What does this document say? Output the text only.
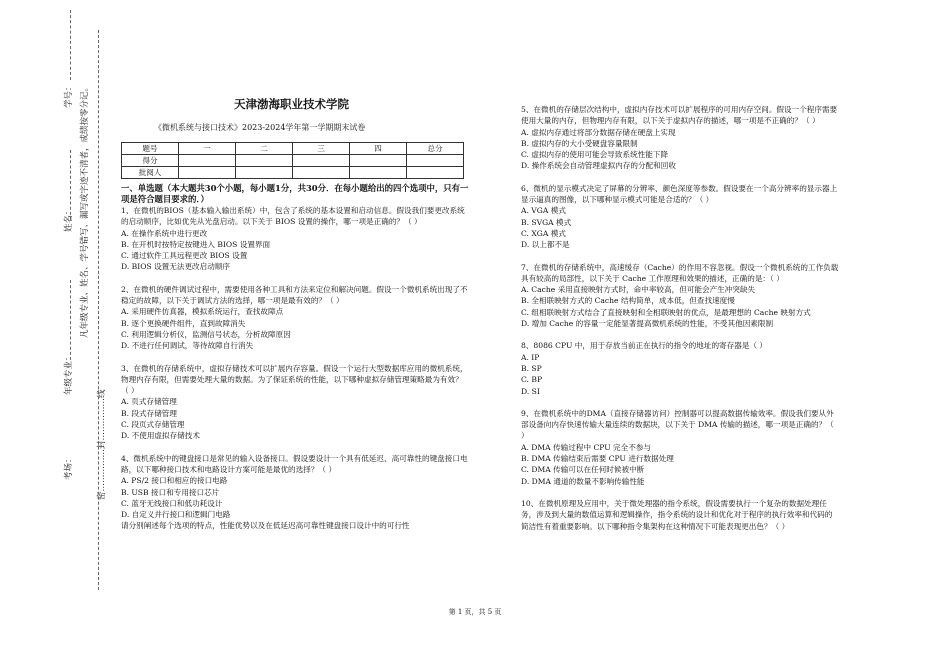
学号：
姓名： 凡年级专业、姓名、学号错写、漏写或字迹不清者，成绩按零分记。
年级专业：
密……………封……………线
考场：
天津渤海职业技术学院
《微机系统与接口技术》2023-2024学年第一学期期末试卷
题号	一	二	三	四	总分
得分					
批阅人					

一、单选题（本大题共30个小题，每小题1分，共30分．在每小题给出的四个选项中，只有一项是符合题目要求的．）

1、在微机的BIOS（基本输入输出系统）中，包含了系统的基本设置和启动信息。假设我们要更改系统的启动顺序，比如优先从光盘启动。以下关于 BIOS 设置的操作，哪一项是正确的？（ ）

A. 在操作系统中进行更改

B. 在开机时按特定按键进入 BIOS 设置界面

C. 通过软件工具远程更改 BIOS 设置

D. BIOS 设置无法更改启动顺序

2、在微机的硬件调试过程中，需要使用各种工具和方法来定位和解决问题。假设一个微机系统出现了不稳定的故障，以下关于调试方法的选择，哪一项是最有效的？（ ）

A. 采用硬件仿真器，模拟系统运行，查找故障点

B. 逐个更换硬件组件，直到故障消失

C. 利用逻辑分析仪，监测信号状态，分析故障原因

D. 不进行任何调试，等待故障自行消失

3、在微机的存储系统中，虚拟存储技术可以扩展内存容量。假设一个运行大型数据库应用的微机系统，物理内存有限，但需要处理大量的数据。为了保证系统的性能，以下哪种虚拟存储管理策略最为有效？（ ）

A. 页式存储管理

B. 段式存储管理

C. 段页式存储管理

D. 不使用虚拟存储技术

4、微机系统中的键盘接口是常见的输入设备接口。假设要设计一个具有低延迟、高可靠性的键盘接口电路，以下哪种接口技术和电路设计方案可能是最优的选择？（ ）

A. PS/2 接口和相应的接口电路

B. USB 接口和专用接口芯片

C. 蓝牙无线接口和低功耗设计

D. 自定义并行接口和逻辑门电路

请分别阐述每个选项的特点，性能优势以及在低延迟高可靠性键盘接口设计中的可行性

5、在微机的存储层次结构中，虚拟内存技术可以扩展程序的可用内存空间。假设一个程序需要使用大量的内存，但物理内存有限，以下关于虚拟内存的描述，哪一项是不正确的？（ ）

A. 虚拟内存通过将部分数据存储在硬盘上实现

B. 虚拟内存的大小受硬盘容量限制

C. 虚拟内存的使用可能会导致系统性能下降

D. 操作系统会自动管理虚拟内存的分配和回收

6、微机的显示模式决定了屏幕的分辨率、颜色深度等参数。假设要在一个高分辨率的显示器上显示逼真的图像，以下哪种显示模式可能是合适的？（ ）

A. VGA 模式

B. SVGA 模式

C. XGA 模式

D. 以上都不是

7、在微机的存储系统中，高速缓存（Cache）的作用不容忽视。假设一个微机系统的工作负载具有较高的局部性，以下关于 Cache 工作原理和效果的描述，正确的是：（ ）

A. Cache 采用直接映射方式时，命中率较高，但可能会产生冲突缺失

B. 全相联映射方式的 Cache 结构简单，成本低，但查找速度慢

C. 组相联映射方式结合了直接映射和全相联映射的优点，是最理想的 Cache 映射方式

D. 增加 Cache 的容量一定能显著提高微机系统的性能，不受其他因素限制

8、8086 CPU 中，用于存放当前正在执行的指令的地址的寄存器是（ ）

A. IP

B. SP

C. BP

D. SI

9、在微机系统中的DMA（直接存储器访问）控制器可以提高数据传输效率。假设我们要从外部设备向内存快速传输大量连续的数据块，以下关于 DMA 传输的描述，哪一项是正确的？（ ）

A. DMA 传输过程中 CPU 完全不参与

B. DMA 传输结束后需要 CPU 进行数据处理

C. DMA 传输可以在任何时候被中断

D. DMA 通道的数量不影响传输性能

10、在微机原理及应用中，关于微处理器的指令系统，假设需要执行一个复杂的数据处理任务，涉及到大量的数值运算和逻辑操作，指令系统的设计和优化对于程序的执行效率和代码的简洁性有着重要影响。以下哪种指令集架构在这种情况下可能表现更出色？（ ）

第 1 页，共 5 页
